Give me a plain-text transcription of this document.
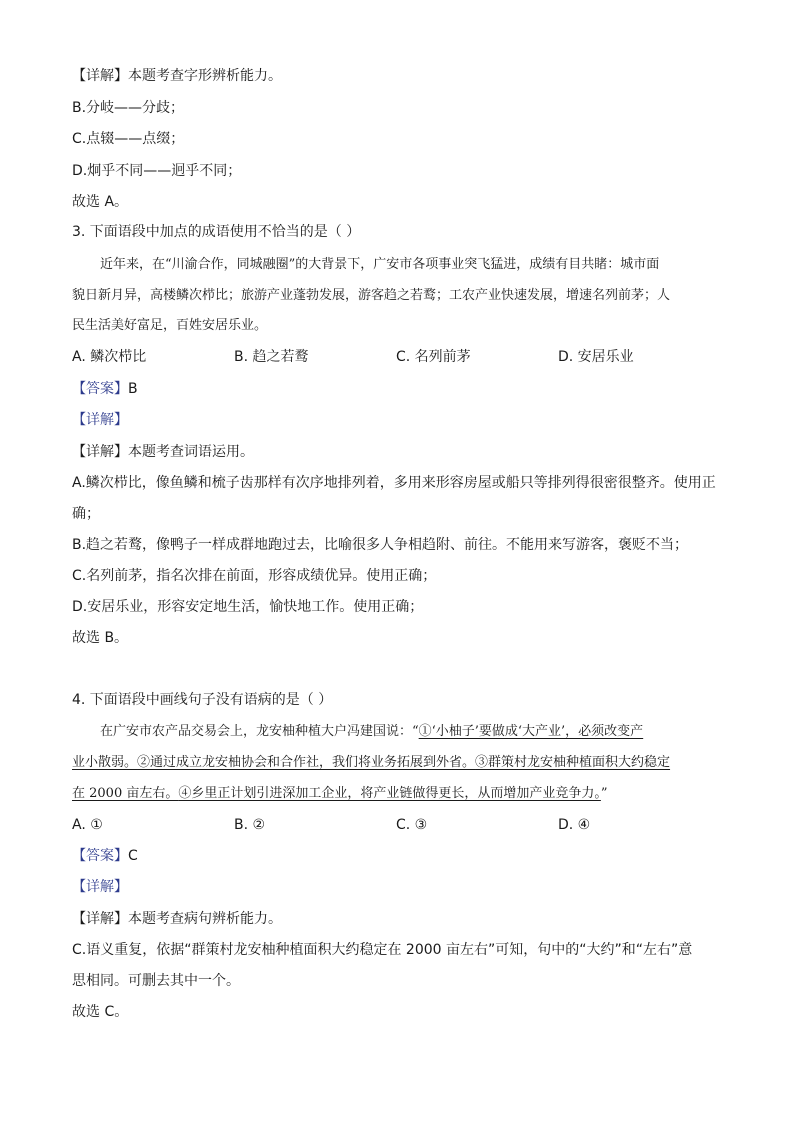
【详解】本题考查字形辨析能力。
B.分岐——分歧；
C.点辍——点缀；
D.炯乎不同——迥乎不同；
故选 A。
3. 下面语段中加点的成语使用不恰当的是（ ）
近年来，在“川渝合作，同城融圈”的大背景下，广安市各项事业突飞猛进，成绩有目共睹：城市面
貌日新月异，高楼鳞次栉比；旅游产业蓬勃发展，游客趋之若鹜；工农产业快速发展，增速名列前茅；人
民生活美好富足，百姓安居乐业。
A. 鳞次栉比	B. 趋之若鹜	C. 名列前茅	D. 安居乐业
【答案】B
【详解】
【详解】本题考查词语运用。
A.鳞次栉比，像鱼鳞和梳子齿那样有次序地排列着，多用来形容房屋或船只等排列得很密很整齐。使用正
确；
B.趋之若鹜，像鸭子一样成群地跑过去，比喻很多人争相趋附、前往。不能用来写游客，褒贬不当；
C.名列前茅，指名次排在前面，形容成绩优异。使用正确；
D.安居乐业，形容安定地生活，愉快地工作。使用正确；
故选 B。
4. 下面语段中画线句子没有语病的是（ ）
在广安市农产品交易会上，龙安柚种植大户冯建国说：“①‘小柚子’要做成‘大产业’，必须改变产
业小散弱。②通过成立龙安柚协会和合作社，我们将业务拓展到外省。③群策村龙安柚种植面积大约稳定
在 2000 亩左右。④乡里正计划引进深加工企业，将产业链做得更长，从而增加产业竞争力。”
A. ①	B. ②	C. ③	D. ④
【答案】C
【详解】
【详解】本题考查病句辨析能力。
C.语义重复，依据“群策村龙安柚种植面积大约稳定在 2000 亩左右”可知，句中的“大约”和“左右”意
思相同。可删去其中一个。
故选 C。
